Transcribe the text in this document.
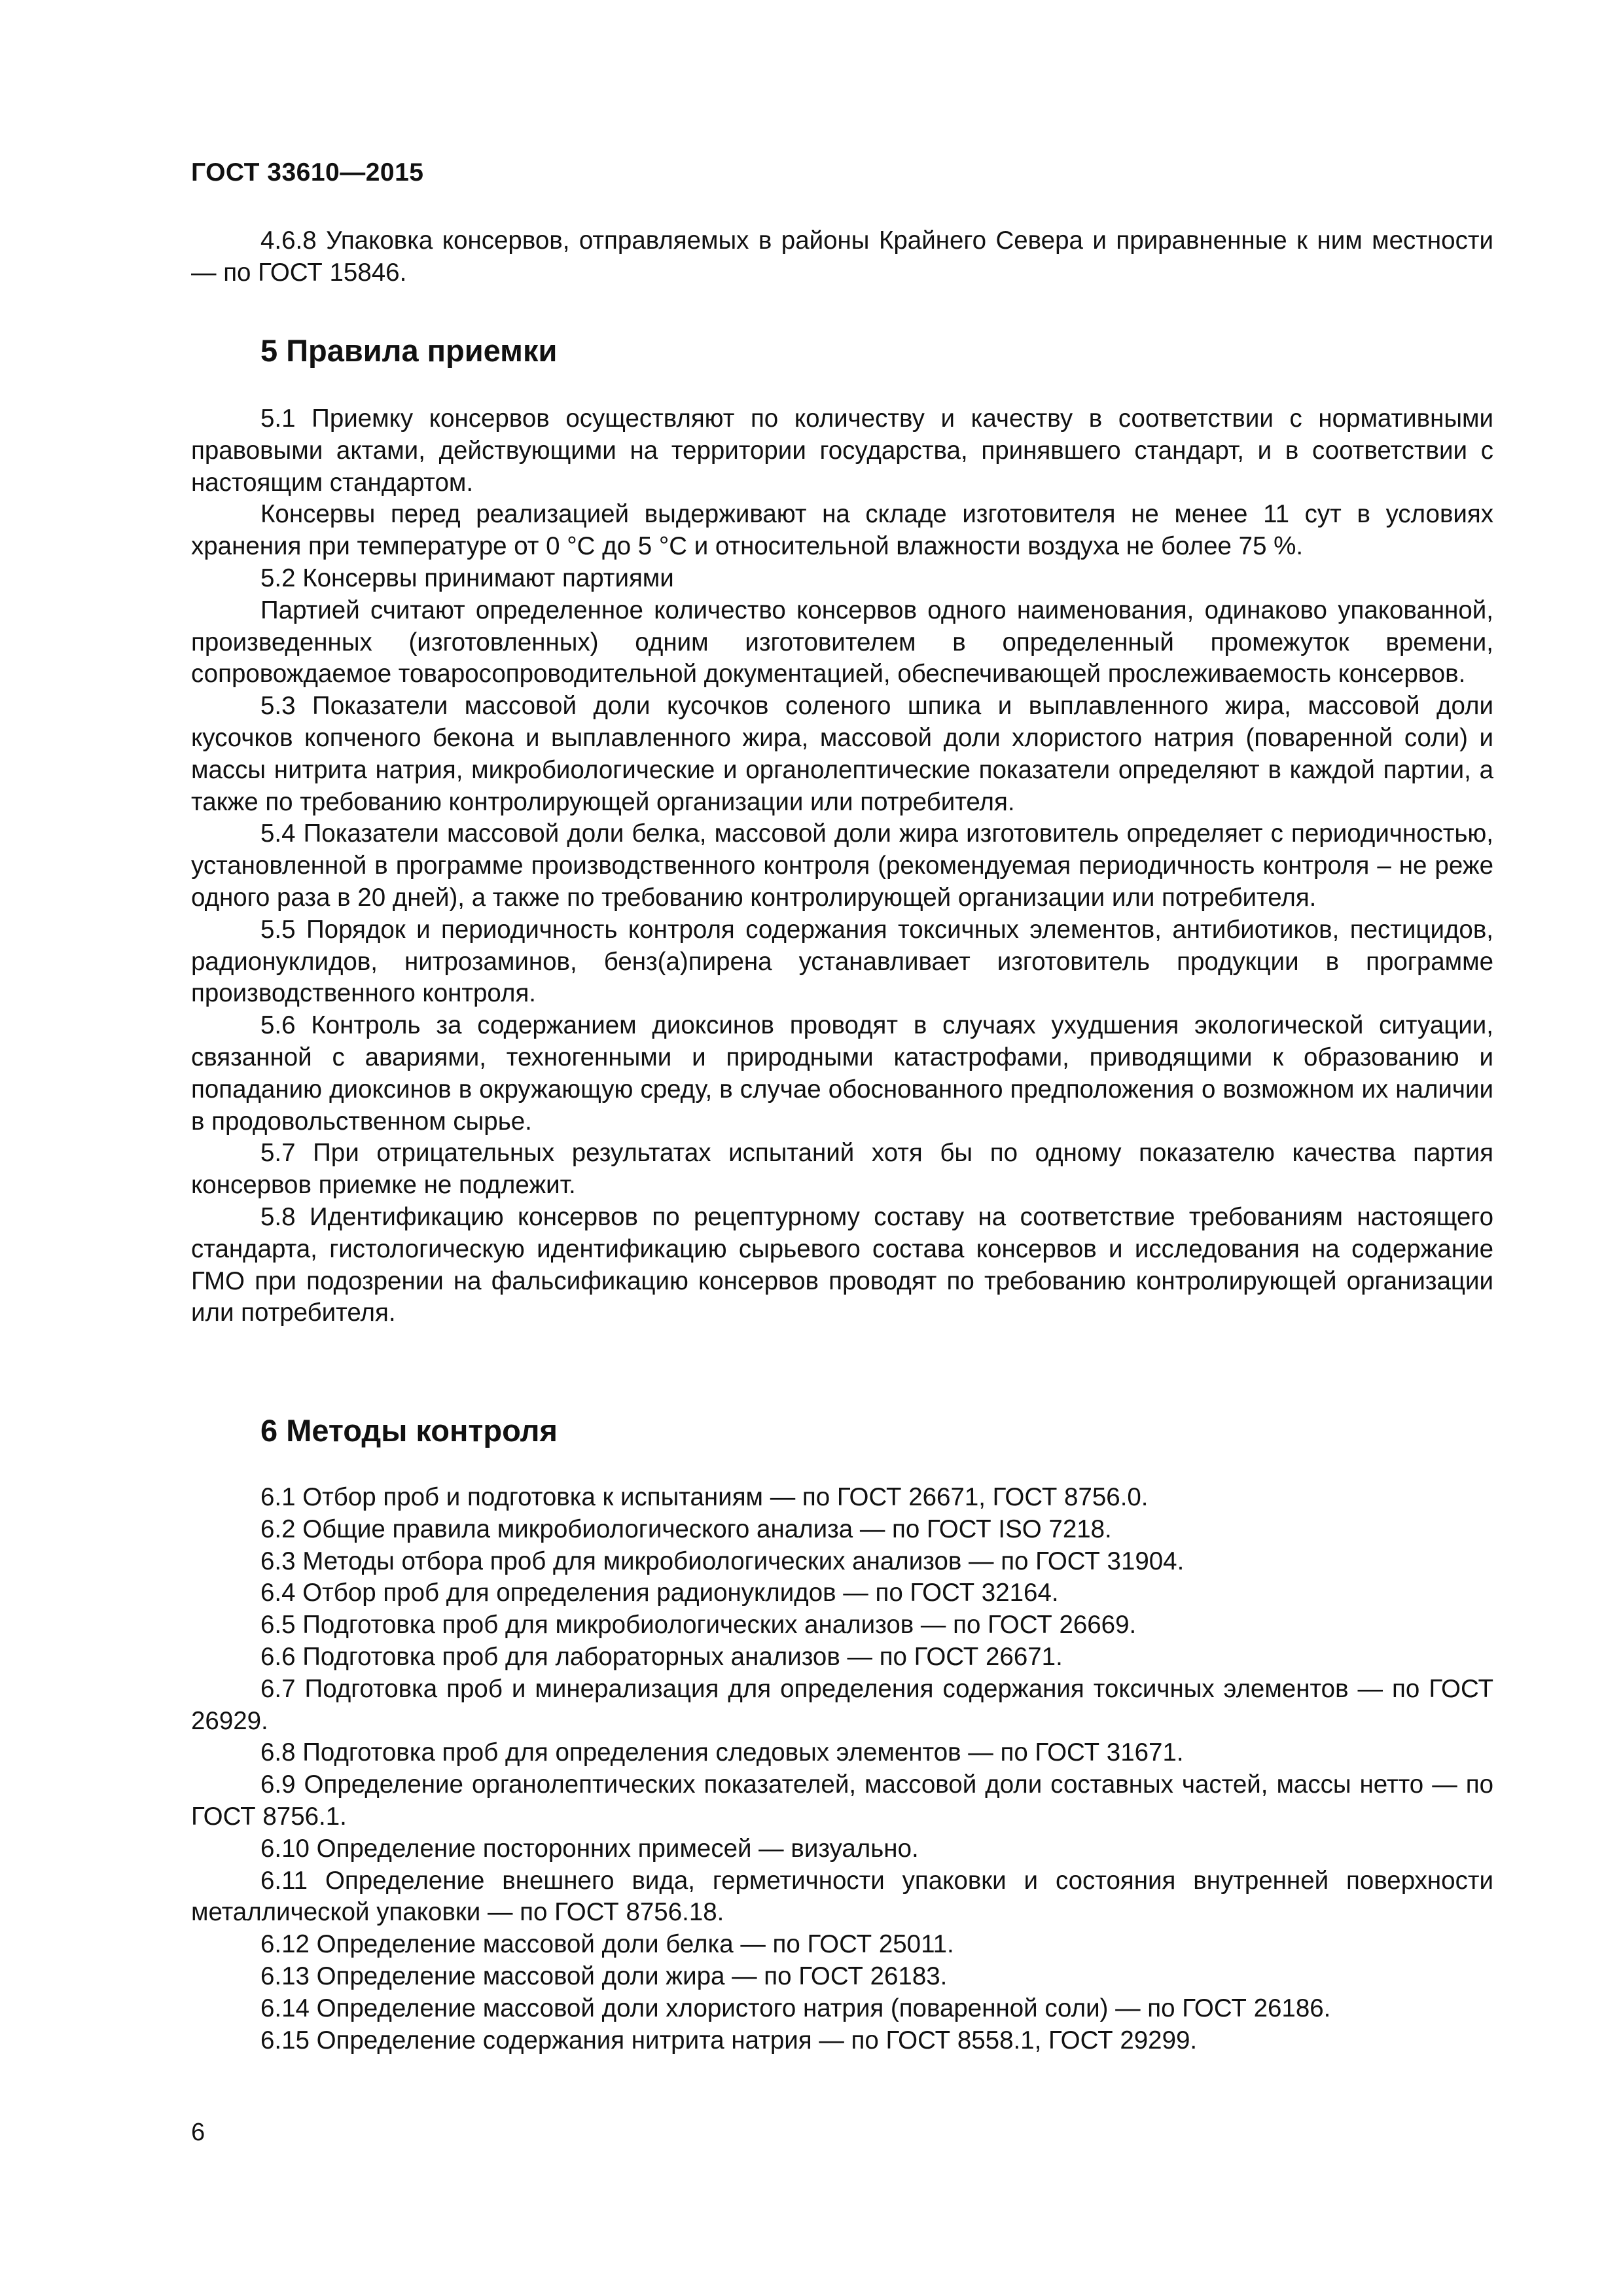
ГОСТ 33610—2015

4.6.8 Упаковка консервов, отправляемых в районы Крайнего Севера и приравненные к ним местности — по ГОСТ 15846.

5 Правила приемки

5.1 Приемку консервов осуществляют по количеству и качеству в соответствии с нормативными правовыми актами, действующими на территории государства, принявшего стандарт, и в соответствии с настоящим стандартом.

Консервы перед реализацией выдерживают на складе изготовителя не менее 11 сут в условиях хранения при температуре от 0 °C до 5 °C и относительной влажности воздуха не более 75 %.

5.2 Консервы принимают партиями

Партией считают определенное количество консервов одного наименования, одинаково упакованной, произведенных (изготовленных) одним изготовителем в определенный промежуток времени, сопровождаемое товаросопроводительной документацией, обеспечивающей прослеживаемость консервов.

5.3 Показатели массовой доли кусочков соленого шпика и выплавленного жира, массовой доли кусочков копченого бекона и выплавленного жира, массовой доли хлористого натрия (поваренной соли) и массы нитрита натрия, микробиологические и органолептические показатели определяют в каждой партии, а также по требованию контролирующей организации или потребителя.

5.4 Показатели массовой доли белка, массовой доли жира изготовитель определяет с периодичностью, установленной в программе производственного контроля (рекомендуемая периодичность контроля – не реже одного раза в 20 дней), а также по требованию контролирующей организации или потребителя.

5.5 Порядок и периодичность контроля содержания токсичных элементов, антибиотиков, пестицидов, радионуклидов, нитрозаминов, бенз(а)пирена устанавливает изготовитель продукции в программе производственного контроля.

5.6 Контроль за содержанием диоксинов проводят в случаях ухудшения экологической ситуации, связанной с авариями, техногенными и природными катастрофами, приводящими к образованию и попаданию диоксинов в окружающую среду, в случае обоснованного предположения о возможном их наличии в продовольственном сырье.

5.7 При отрицательных результатах испытаний хотя бы по одному показателю качества партия консервов приемке не подлежит.

5.8 Идентификацию консервов по рецептурному составу на соответствие требованиям настоящего стандарта, гистологическую идентификацию сырьевого состава консервов и исследования на содержание ГМО при подозрении на фальсификацию консервов проводят по требованию контролирующей организации или потребителя.

6 Методы контроля

6.1 Отбор проб и подготовка к испытаниям — по ГОСТ 26671, ГОСТ 8756.0.

6.2 Общие правила микробиологического анализа — по ГОСТ ISO 7218.

6.3 Методы отбора проб для микробиологических анализов — по ГОСТ 31904.

6.4 Отбор проб для определения радионуклидов — по ГОСТ 32164.

6.5 Подготовка проб для микробиологических анализов — по ГОСТ 26669.

6.6 Подготовка проб для лабораторных анализов — по ГОСТ 26671.

6.7 Подготовка проб и минерализация для определения содержания токсичных элементов — по ГОСТ 26929.

6.8 Подготовка проб для определения следовых элементов — по ГОСТ 31671.

6.9 Определение органолептических показателей, массовой доли составных частей, массы нетто — по ГОСТ 8756.1.

6.10 Определение посторонних примесей — визуально.

6.11 Определение внешнего вида, герметичности упаковки и состояния внутренней поверхности металлической упаковки — по ГОСТ 8756.18.

6.12 Определение массовой доли белка — по ГОСТ 25011.

6.13 Определение массовой доли жира — по ГОСТ 26183.

6.14 Определение массовой доли хлористого натрия (поваренной соли) — по ГОСТ 26186.

6.15 Определение содержания нитрита натрия — по ГОСТ 8558.1, ГОСТ 29299.

6
